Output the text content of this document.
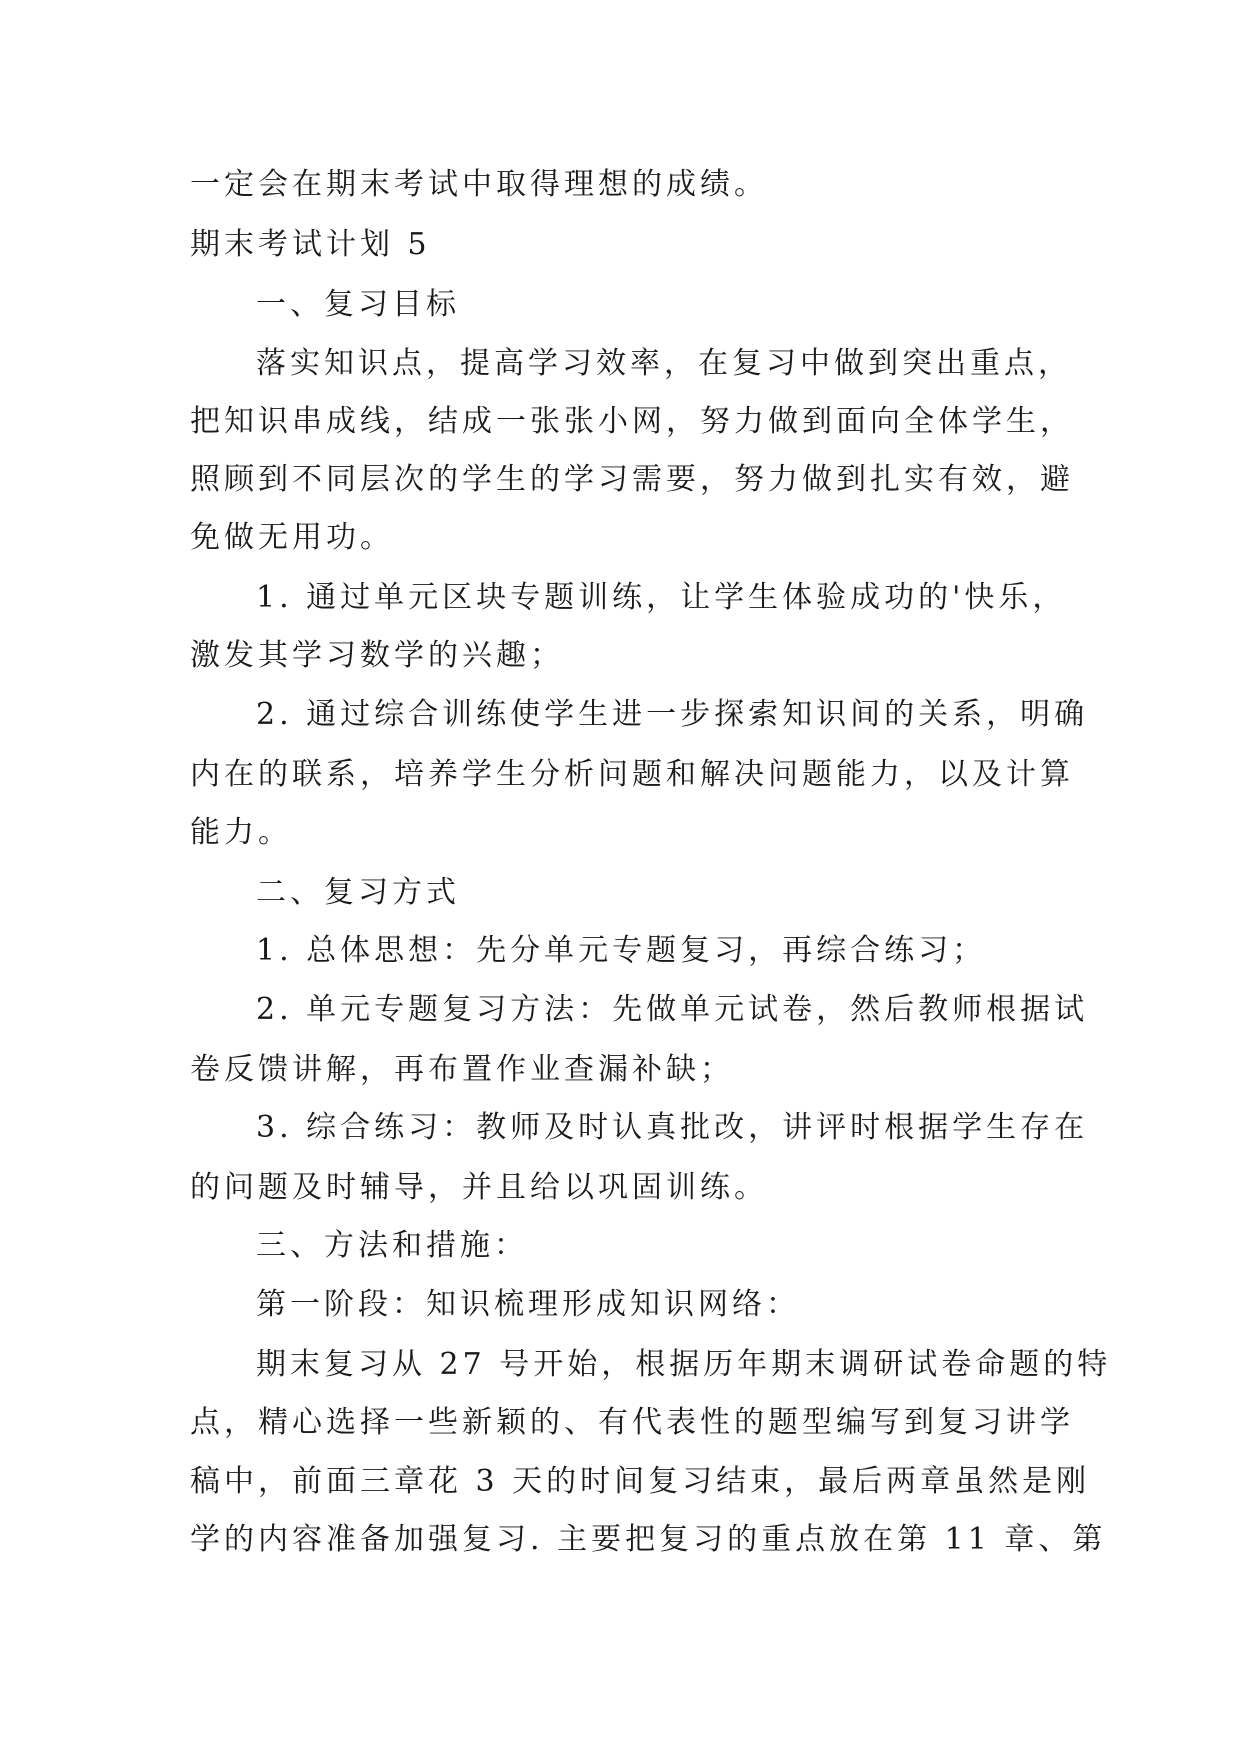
一定会在期末考试中取得理想的成绩。
期末考试计划 5
一、复习目标
落实知识点，提高学习效率，在复习中做到突出重点，
把知识串成线，结成一张张小网，努力做到面向全体学生，
照顾到不同层次的学生的学习需要，努力做到扎实有效，避
免做无用功。
1. 通过单元区块专题训练，让学生体验成功的'快乐，
激发其学习数学的兴趣；
2. 通过综合训练使学生进一步探索知识间的关系，明确
内在的联系，培养学生分析问题和解决问题能力，以及计算
能力。
二、复习方式
1. 总体思想：先分单元专题复习，再综合练习；
2. 单元专题复习方法：先做单元试卷，然后教师根据试
卷反馈讲解，再布置作业查漏补缺；
3. 综合练习：教师及时认真批改，讲评时根据学生存在
的问题及时辅导，并且给以巩固训练。
三、方法和措施：
第一阶段：知识梳理形成知识网络：
期末复习从 27 号开始，根据历年期末调研试卷命题的特
点，精心选择一些新颖的、有代表性的题型编写到复习讲学
稿中，前面三章花 3 天的时间复习结束，最后两章虽然是刚
学的内容准备加强复习. 主要把复习的重点放在第 11 章、第
